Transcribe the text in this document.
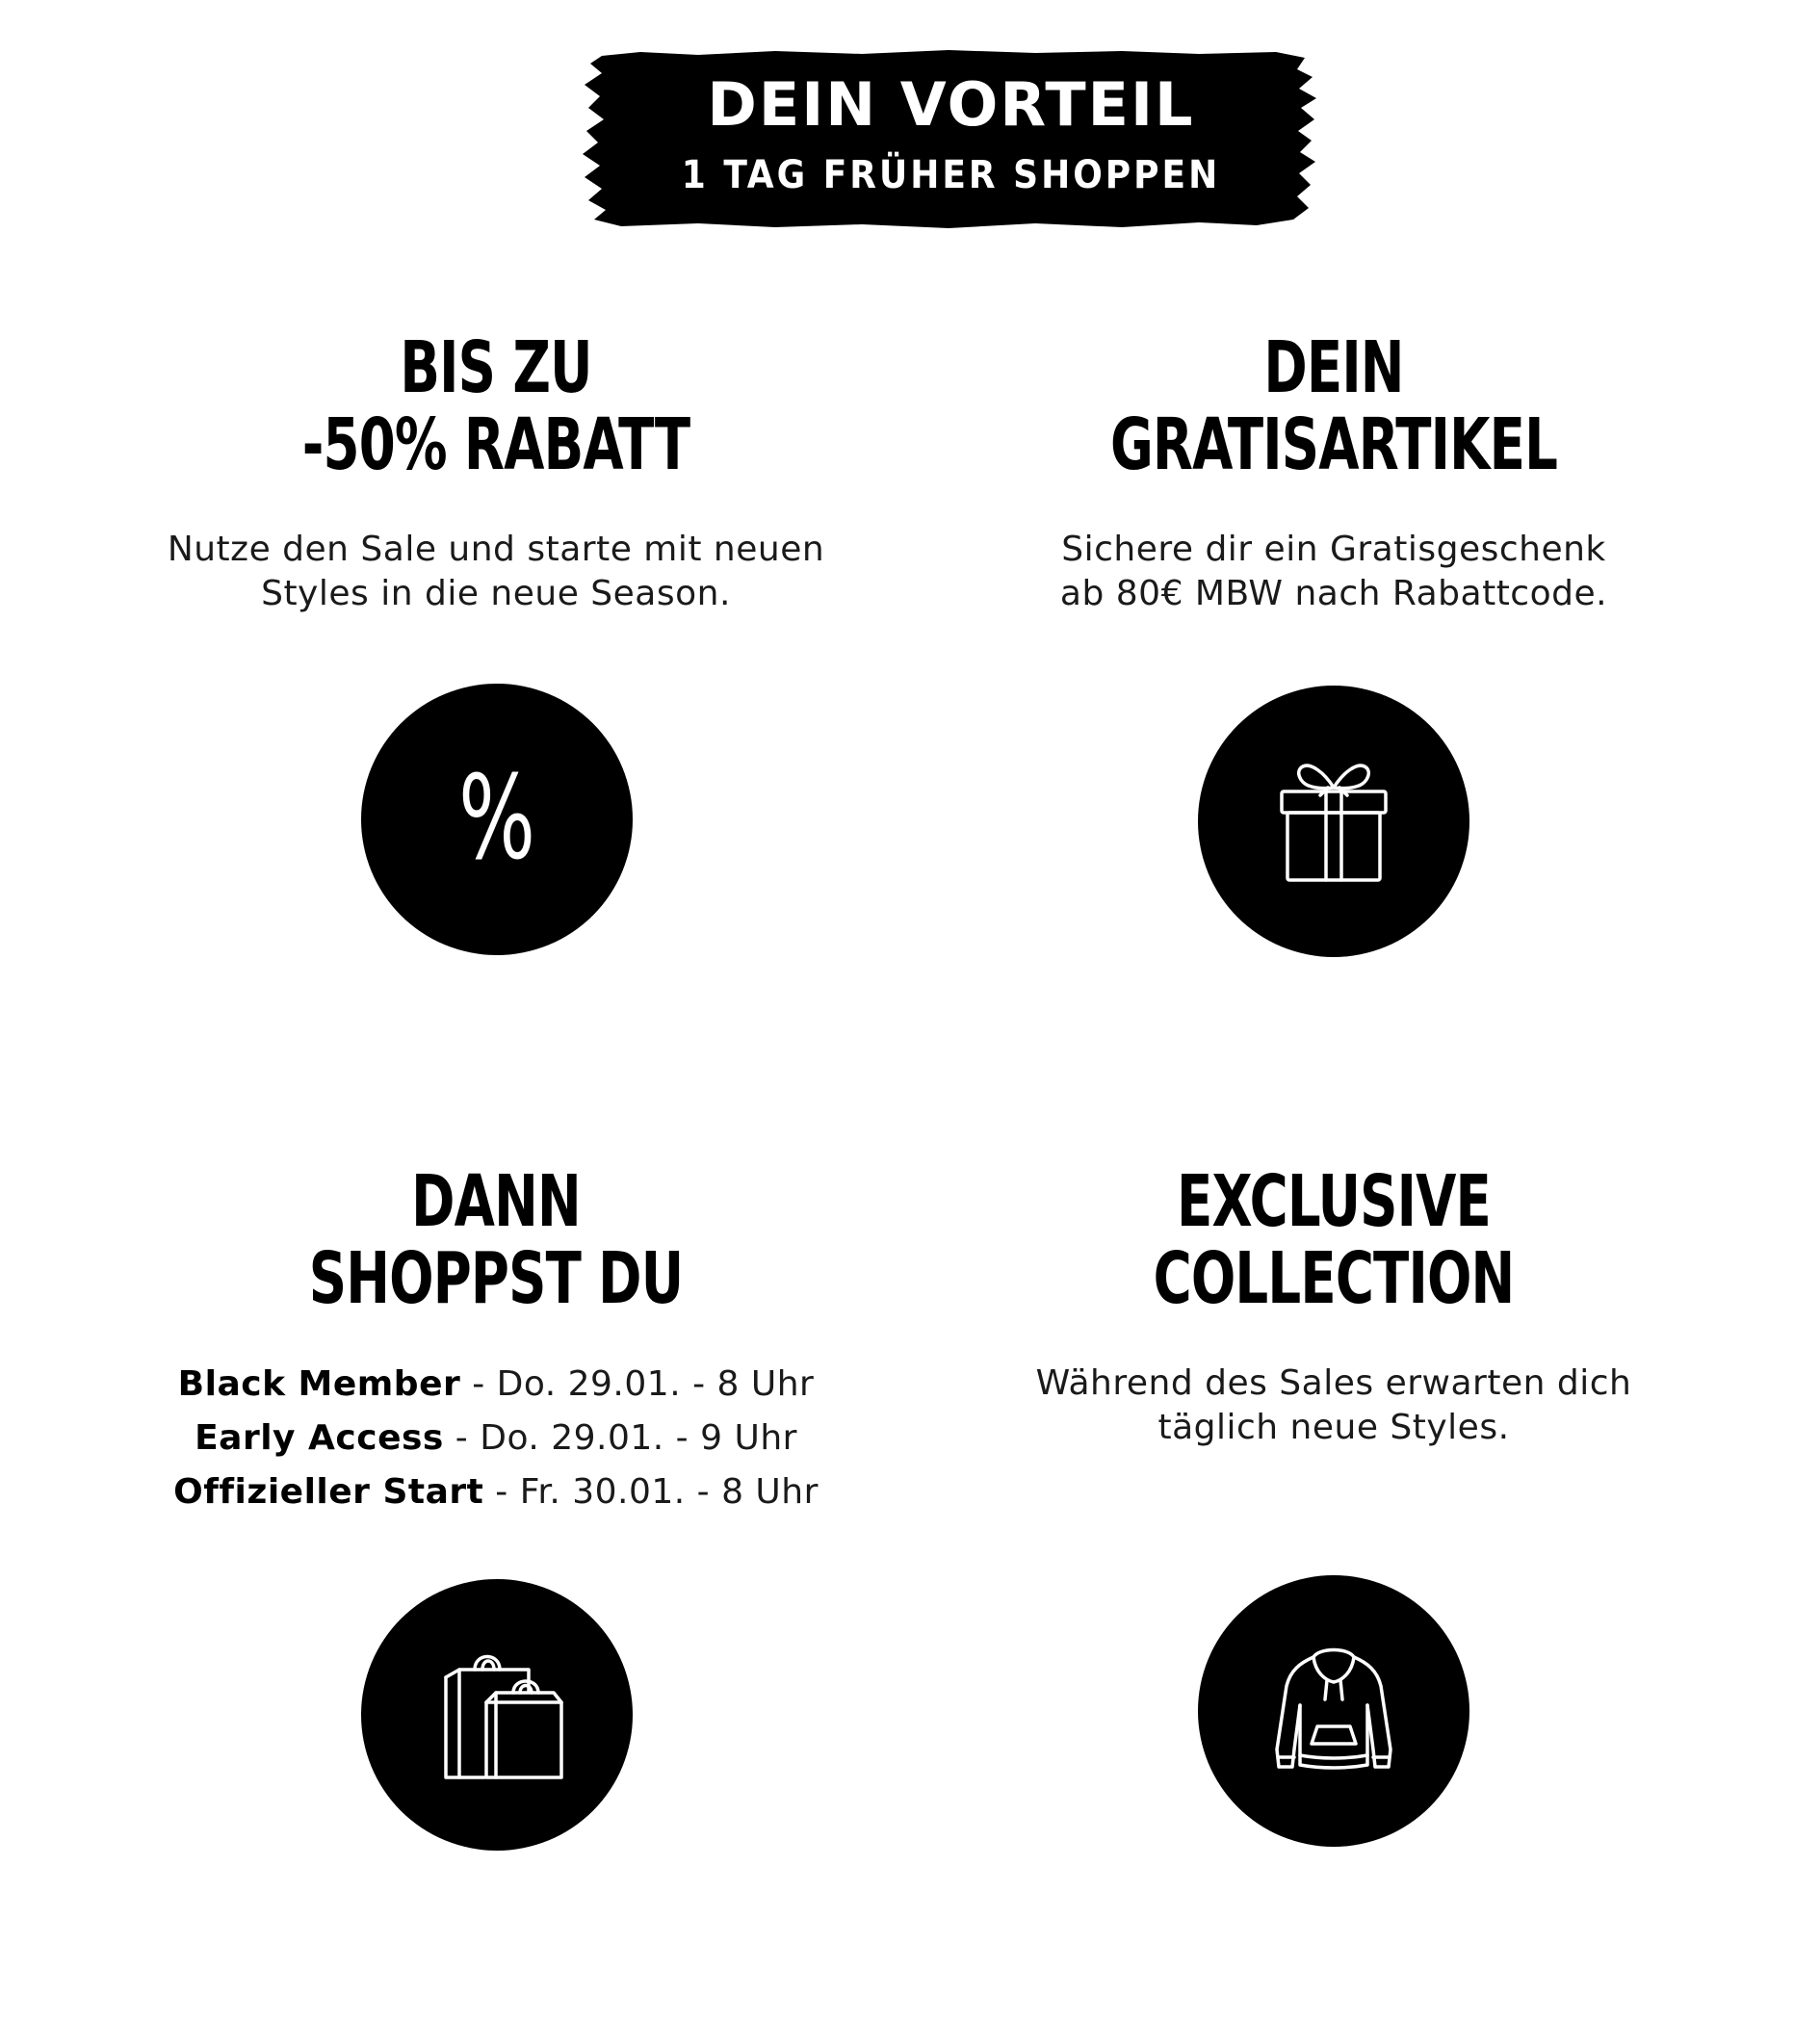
DEIN VORTEIL
1 TAG FRÜHER SHOPPEN
BIS ZU
-50% RABATT
Nutze den Sale und starte mit neuen
Styles in die neue Season.
%
DEIN
GRATISARTIKEL
Sichere dir ein Gratisgeschenk
ab 80€ MBW nach Rabattcode.
DANN
SHOPPST DU
Black Member - Do. 29.01. - 8 Uhr
Early Access - Do. 29.01. - 9 Uhr
Offizieller Start - Fr. 30.01. - 8 Uhr
EXCLUSIVE
COLLECTION
Während des Sales erwarten dich
täglich neue Styles.
